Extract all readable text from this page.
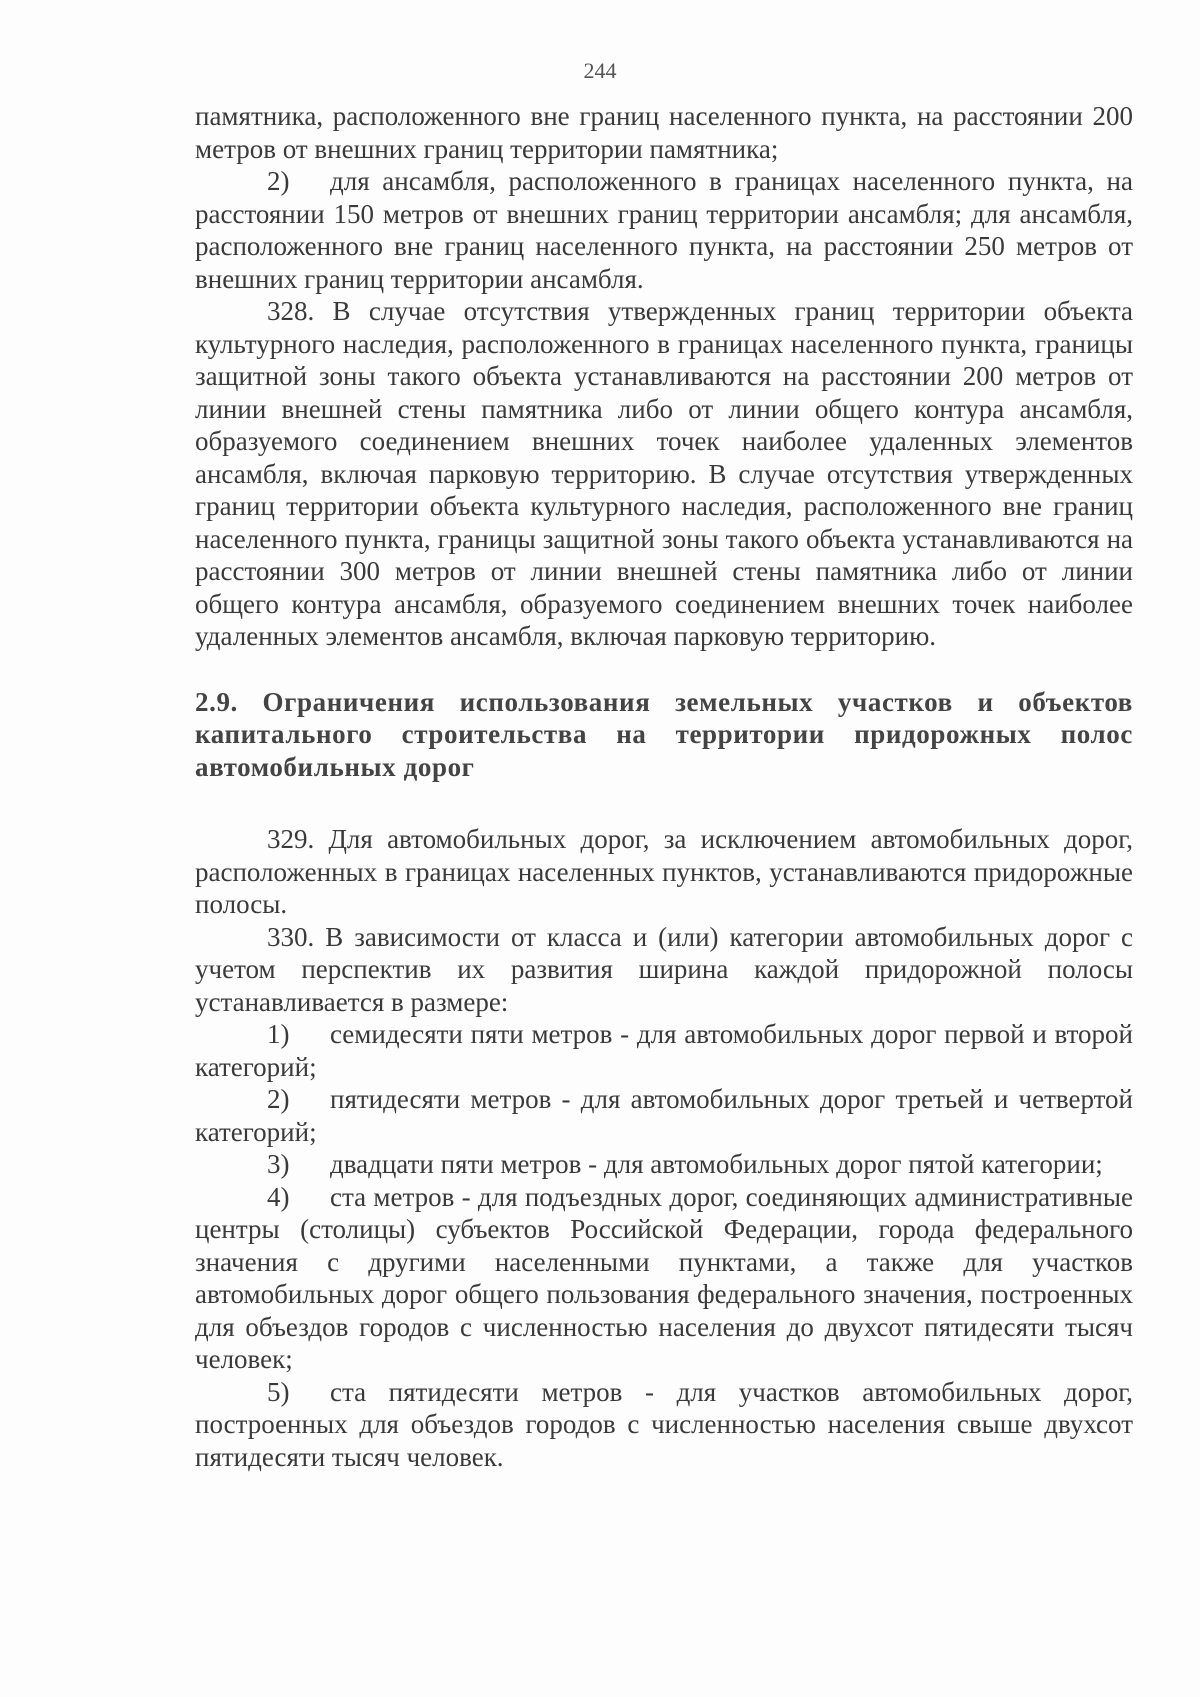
244

памятника, расположенного вне границ населенного пункта, на расстоянии 200 метров от внешних границ территории памятника;

2)  для ансамбля, расположенного в границах населенного пункта, на расстоянии 150 метров от внешних границ территории ансамбля; для ансамбля, расположенного вне границ населенного пункта, на расстоянии 250 метров от внешних границ территории ансамбля.

328. В случае отсутствия утвержденных границ территории объекта культурного наследия, расположенного в границах населенного пункта, границы защитной зоны такого объекта устанавливаются на расстоянии 200 метров от линии внешней стены памятника либо от линии общего контура ансамбля, образуемого соединением внешних точек наиболее удаленных элементов ансамбля, включая парковую территорию. В случае отсутствия утвержденных границ территории объекта культурного наследия, расположенного вне границ населенного пункта, границы защитной зоны такого объекта устанавливаются на расстоянии 300 метров от линии внешней стены памятника либо от линии общего контура ансамбля, образуемого соединением внешних точек наиболее удаленных элементов ансамбля, включая парковую территорию.

2.9. Ограничения использования земельных участков и объектов капитального строительства на территории придорожных полос автомобильных дорог

329. Для автомобильных дорог, за исключением автомобильных дорог, расположенных в границах населенных пунктов, устанавливаются придорожные полосы.

330. В зависимости от класса и (или) категории автомобильных дорог с учетом перспектив их развития ширина каждой придорожной полосы устанавливается в размере:

1)  семидесяти пяти метров - для автомобильных дорог первой и второй категорий;

2)  пятидесяти метров - для автомобильных дорог третьей и четвертой категорий;

3)  двадцати пяти метров - для автомобильных дорог пятой категории;

4)  ста метров - для подъездных дорог, соединяющих административные центры (столицы) субъектов Российской Федерации, города федерального значения с другими населенными пунктами, а также для участков автомобильных дорог общего пользования федерального значения, построенных для объездов городов с численностью населения до двухсот пятидесяти тысяч человек;

5)  ста пятидесяти метров - для участков автомобильных дорог, построенных для объездов городов с численностью населения свыше двухсот пятидесяти тысяч человек.
